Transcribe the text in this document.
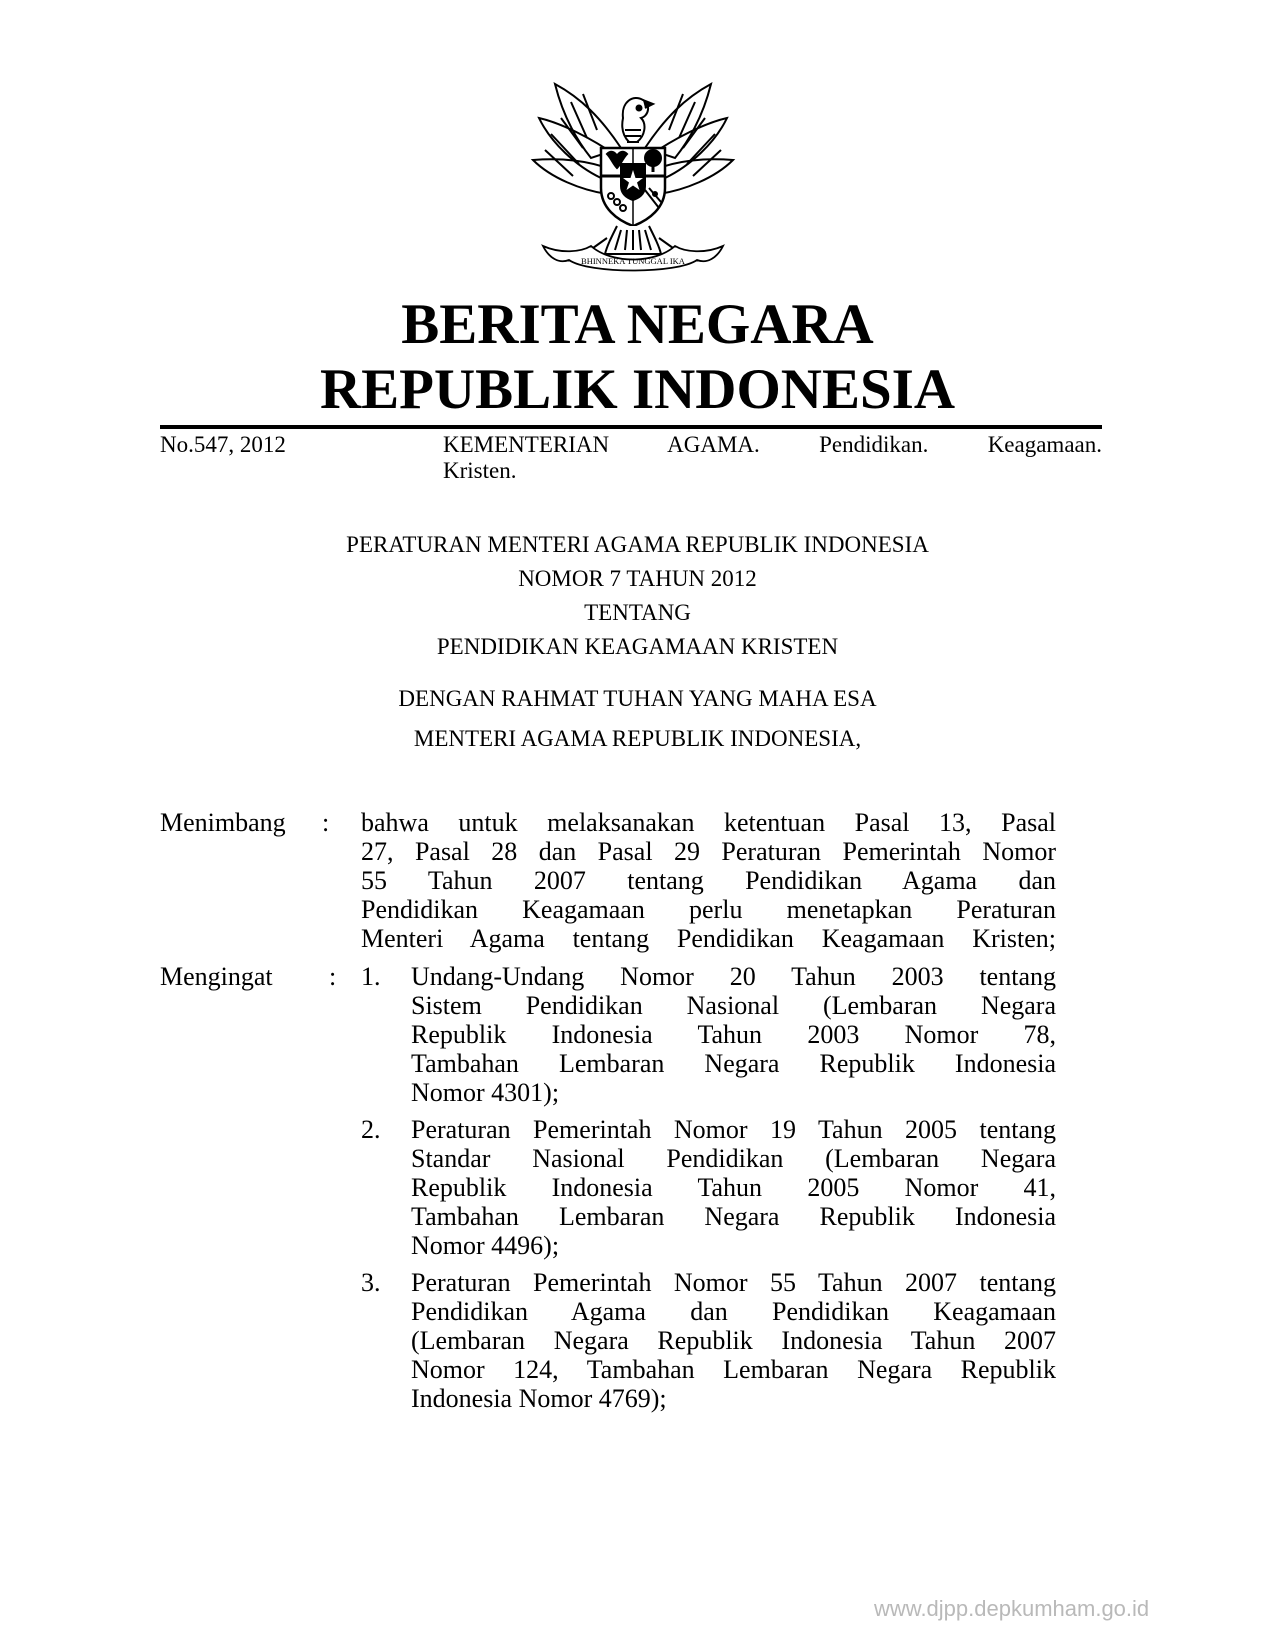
BHINNEKA TUNGGAL IKA
BERITA NEGARA
REPUBLIK INDONESIA
No.547, 2012	KEMENTERIAN AGAMA. Pendidikan. Keagamaan.
Kristen.
PERATURAN MENTERI AGAMA REPUBLIK INDONESIA
NOMOR 7 TAHUN 2012
TENTANG
PENDIDIKAN KEAGAMAAN KRISTEN
DENGAN RAHMAT TUHAN YANG MAHA ESA
MENTERI AGAMA REPUBLIK INDONESIA,
Menimbang : bahwa untuk melaksanakan ketentuan Pasal 13, Pasal
27, Pasal 28 dan Pasal 29 Peraturan Pemerintah Nomor
55 Tahun 2007 tentang Pendidikan Agama dan
Pendidikan Keagamaan perlu menetapkan Peraturan
Menteri Agama tentang Pendidikan Keagamaan Kristen;
Mengingat : 1. Undang-Undang Nomor 20 Tahun 2003 tentang
Sistem Pendidikan Nasional (Lembaran Negara
Republik Indonesia Tahun 2003 Nomor 78,
Tambahan Lembaran Negara Republik Indonesia
Nomor 4301);
2. Peraturan Pemerintah Nomor 19 Tahun 2005 tentang
Standar Nasional Pendidikan (Lembaran Negara
Republik Indonesia Tahun 2005 Nomor 41,
Tambahan Lembaran Negara Republik Indonesia
Nomor 4496);
3. Peraturan Pemerintah Nomor 55 Tahun 2007 tentang
Pendidikan Agama dan Pendidikan Keagamaan
(Lembaran Negara Republik Indonesia Tahun 2007
Nomor 124, Tambahan Lembaran Negara Republik
Indonesia Nomor 4769);
www.djpp.depkumham.go.id
